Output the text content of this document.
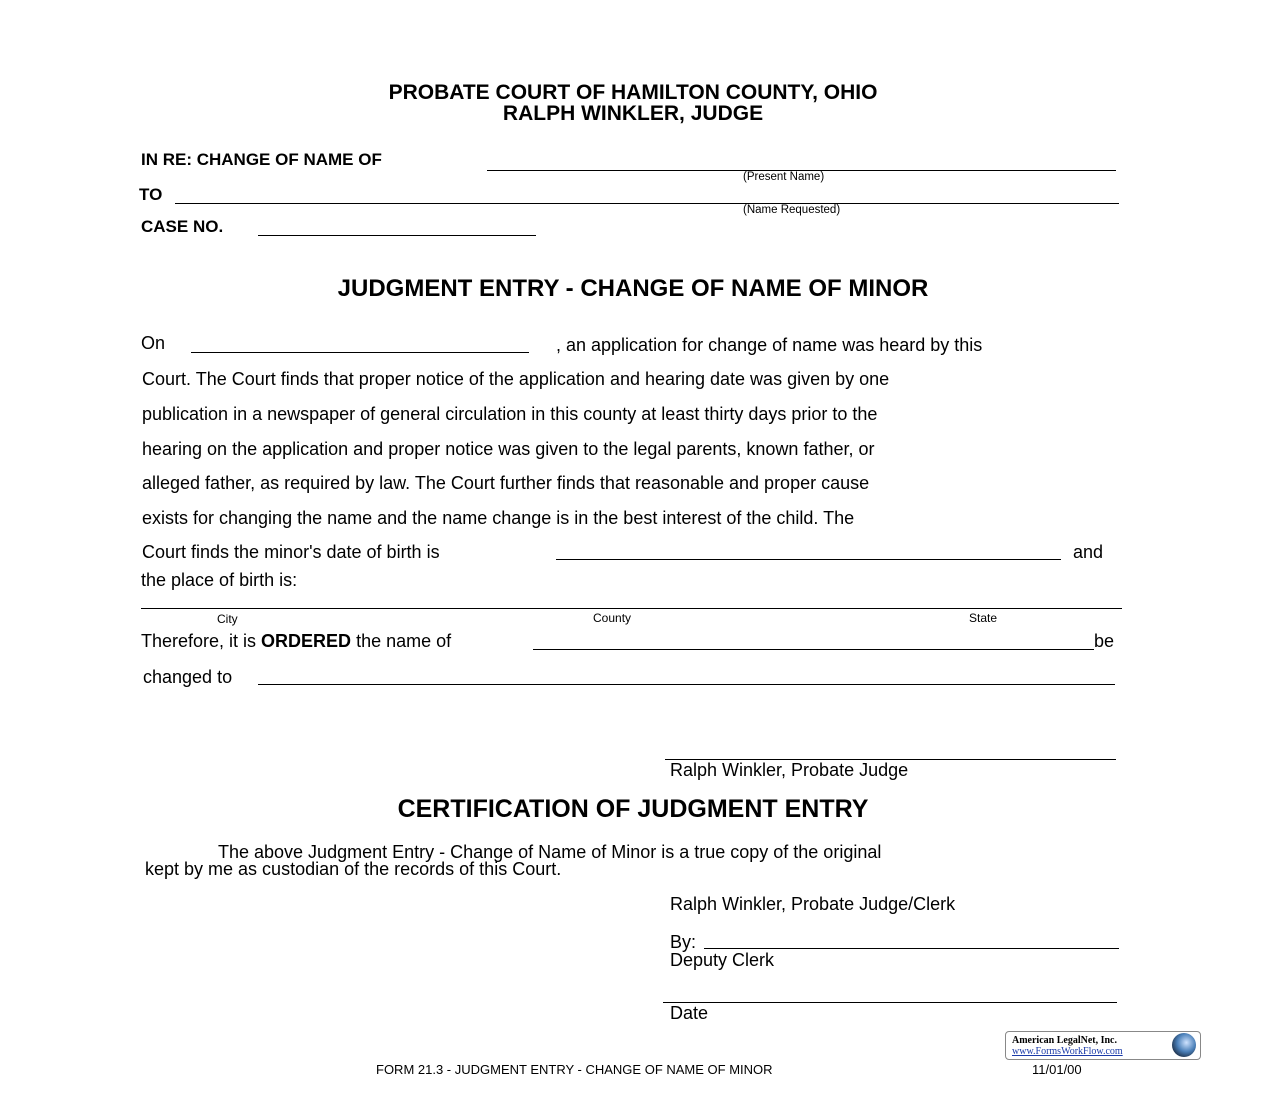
PROBATE COURT OF HAMILTON COUNTY, OHIO
RALPH WINKLER, JUDGE
IN RE: CHANGE OF NAME OF
(Present Name)
TO
(Name Requested)
CASE NO.
JUDGMENT ENTRY - CHANGE OF NAME OF MINOR
On	, an application for change of name was heard by this
Court. The Court finds that proper notice of the application and hearing date was given by one
publication in a newspaper of general circulation in this county at least thirty days prior to the
hearing on the application and proper notice was given to the legal parents, known father, or
alleged father, as required by law. The Court further finds that reasonable and proper cause
exists for changing the name and the name change is in the best interest of the child. The
Court finds the minor's date of birth is	and
the place of birth is:
City	County	State
Therefore, it is ORDERED the name of	be
changed to
Ralph Winkler, Probate Judge
CERTIFICATION OF JUDGMENT ENTRY
The above Judgment Entry - Change of Name of Minor is a true copy of the original
kept by me as custodian of the records of this Court.
Ralph Winkler, Probate Judge/Clerk
By:
Deputy Clerk
Date
American LegalNet, Inc.
www.FormsWorkFlow.com
FORM 21.3 - JUDGMENT ENTRY - CHANGE OF NAME OF MINOR	11/01/00
